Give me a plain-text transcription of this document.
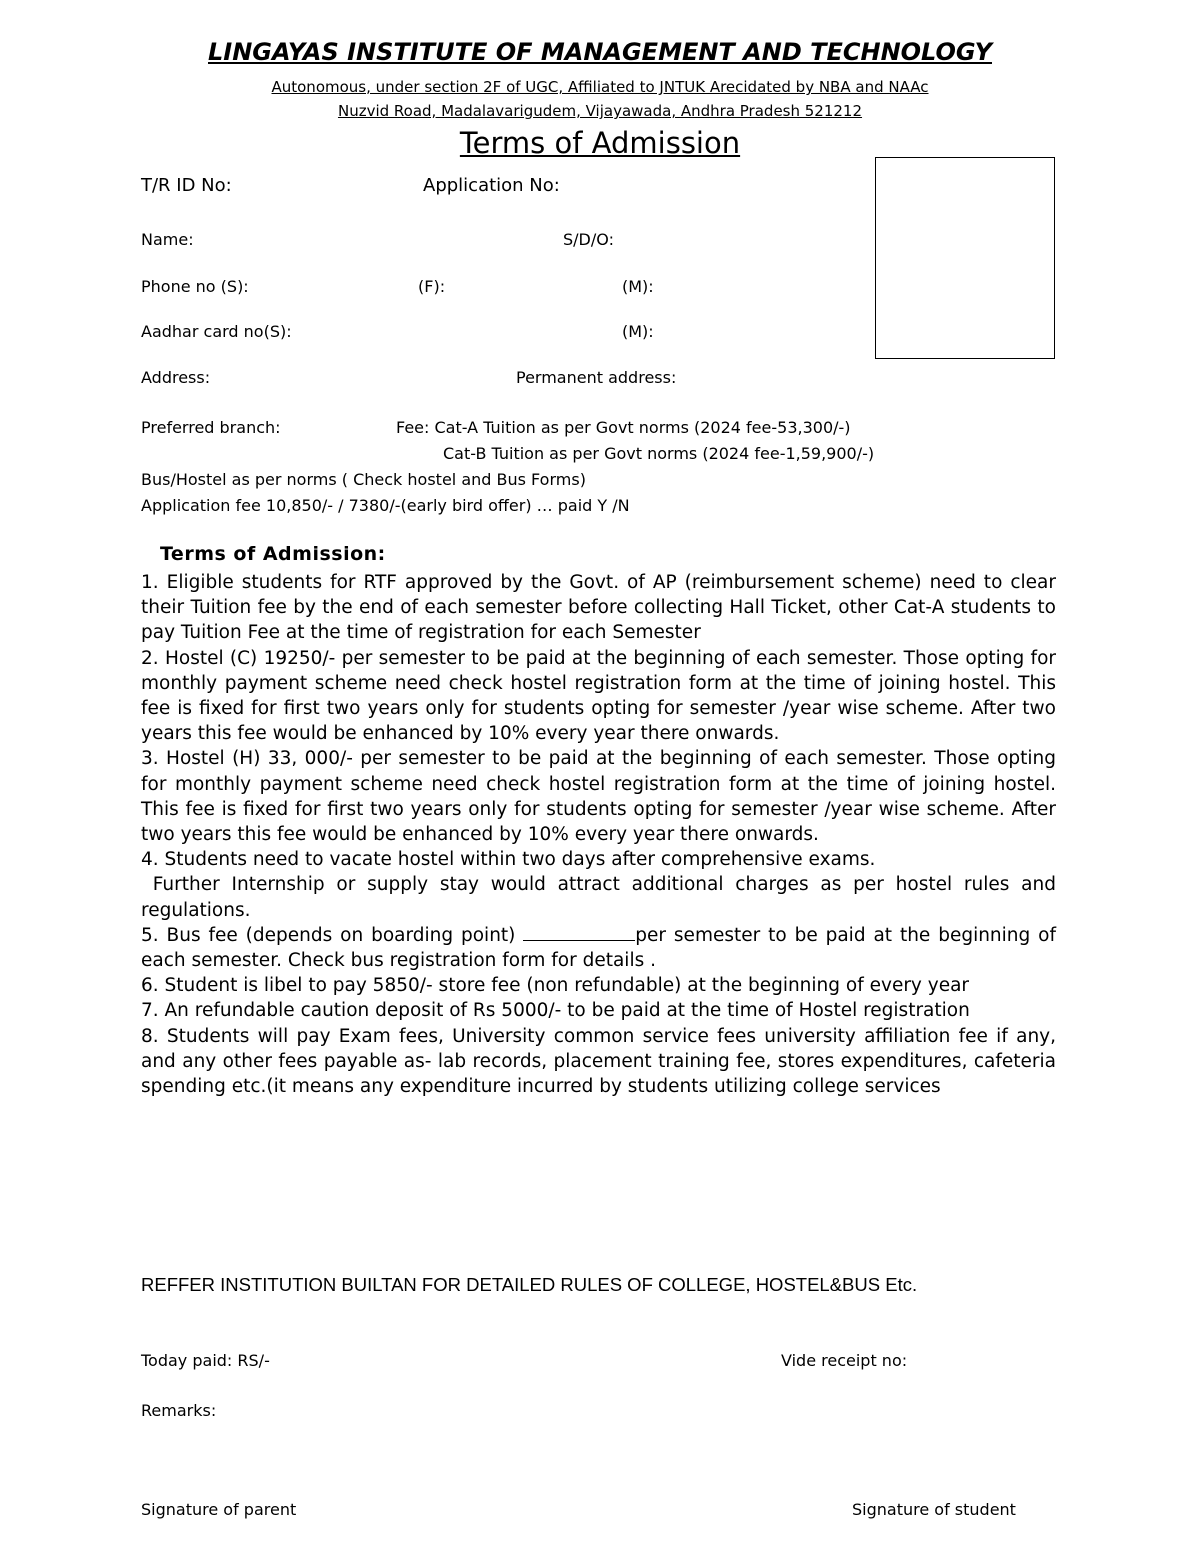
LINGAYAS INSTITUTE OF MANAGEMENT AND TECHNOLOGY
Autonomous, under section 2F of UGC, Affiliated to JNTUK Arecidated by NBA and NAAc
Nuzvid Road, Madalavarigudem, Vijayawada, Andhra Pradesh 521212
Terms of Admission
T/R ID No:	Application No:
Name:	S/D/O:
Phone no (S):	(F):	(M):
Aadhar card no(S):	(M):
Address:	Permanent address:
Preferred branch:	Fee: Cat-A Tuition as per Govt norms (2024 fee-53,300/-)
Cat-B Tuition as per Govt norms (2024 fee-1,59,900/-)
Bus/Hostel as per norms ( Check hostel and Bus Forms)
Application fee 10,850/- / 7380/-(early bird offer) … paid Y /N
Terms of Admission:

1. Eligible students for RTF approved by the Govt. of AP (reimbursement scheme) need to clear their Tuition fee by the end of each semester before collecting Hall Ticket, other Cat-A students to pay Tuition Fee at the time of registration for each Semester

2. Hostel (C) 19250/- per semester to be paid at the beginning of each semester. Those opting for monthly payment scheme need check hostel registration form at the time of joining hostel. This fee is fixed for first two years only for students opting for semester /year wise scheme. After two years this fee would be enhanced by 10% every year there onwards.

3. Hostel (H) 33, 000/- per semester to be paid at the beginning of each semester. Those opting for monthly payment scheme need check hostel registration form at the time of joining hostel. This fee is fixed for first two years only for students opting for semester /year wise scheme. After two years this fee would be enhanced by 10% every year there onwards.

4. Students need to vacate hostel within two days after comprehensive exams.

Further Internship or supply stay would attract additional charges as per hostel rules and regulations.

5. Bus fee (depends on boarding point)	per semester to be paid at the beginning of each semester. Check bus registration form for details .

6. Student is libel to pay 5850/- store fee (non refundable) at the beginning of every year

7. An refundable caution deposit of Rs 5000/- to be paid at the time of Hostel registration

8. Students will pay Exam fees, University common service fees university affiliation fee if any, and any other fees payable as- lab records, placement training fee, stores expenditures, cafeteria spending etc.(it means any expenditure incurred by students utilizing college services

REFFER INSTITUTION BUILTAN FOR DETAILED RULES OF COLLEGE, HOSTEL&BUS Etc.
Today paid: RS/-	Vide receipt no:
Remarks:
Signature of parent	Signature of student
